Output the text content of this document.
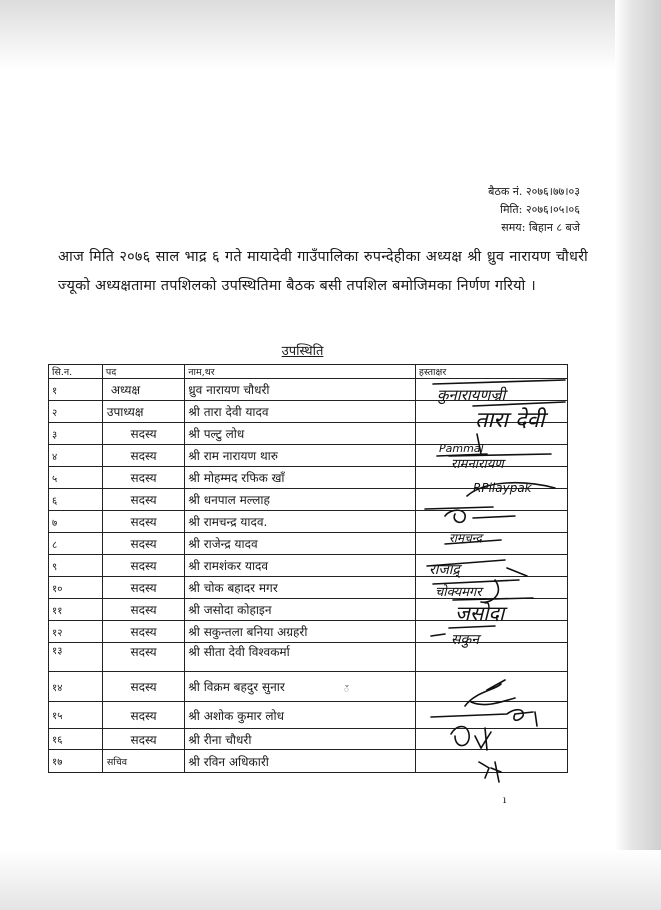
बैठक नं. २०७६।७७।०३
मिति: २०७६।०५।०६
समय: बिहान ८ बजे
आज मिति २०७६ साल भाद्र ६ गते मायादेवी गाउँपालिका रुपन्देहीका अध्यक्ष श्री ध्रुव नारायण चौधरी ज्यूको अध्यक्षतामा तपशिलको उपस्थितिमा बैठक बसी तपशिल बमोजिमका निर्णण गरियो ।
उपस्थिति
सि.न.	पद	नाम,थर	हस्ताक्षर
१	अध्यक्ष	ध्रुव नारायण चौधरी	
२	उपाध्यक्ष	श्री तारा देवी यादव	
३	सदस्य	श्री पल्टु लोध	
४	सदस्य	श्री राम नारायण थारु	
५	सदस्य	श्री मोहम्मद रफिक खाँ	
६	सदस्य	श्री धनपाल मल्लाह	
७	सदस्य	श्री रामचन्द्र यादव.	
८	सदस्य	श्री राजेन्द्र यादव	
९	सदस्य	श्री रामशंकर यादव	
१०	सदस्य	श्री चोक बहादर मगर	
११	सदस्य	श्री जसोदा कोहाइन	
१२	सदस्य	श्री सकुन्तला बनिया अग्रहरी	
१३	सदस्य	श्री सीता देवी विश्वकर्मा	
१४	सदस्य	श्री विक्रम बहदुर सुनार	
१५	सदस्य	श्री अशोक कुमार लोध	
१६	सदस्य	श्री रीना चौधरी	
१७	सचिव	श्री रविन अधिकारी	
कुनारायणज्री
तारा देवी
Pammal
रामनारायण
RPilaypak
रामचन्द्र
राजाद्र्‍
चोक्यमगर
जसोदा
सकुन
ı
ॅ
